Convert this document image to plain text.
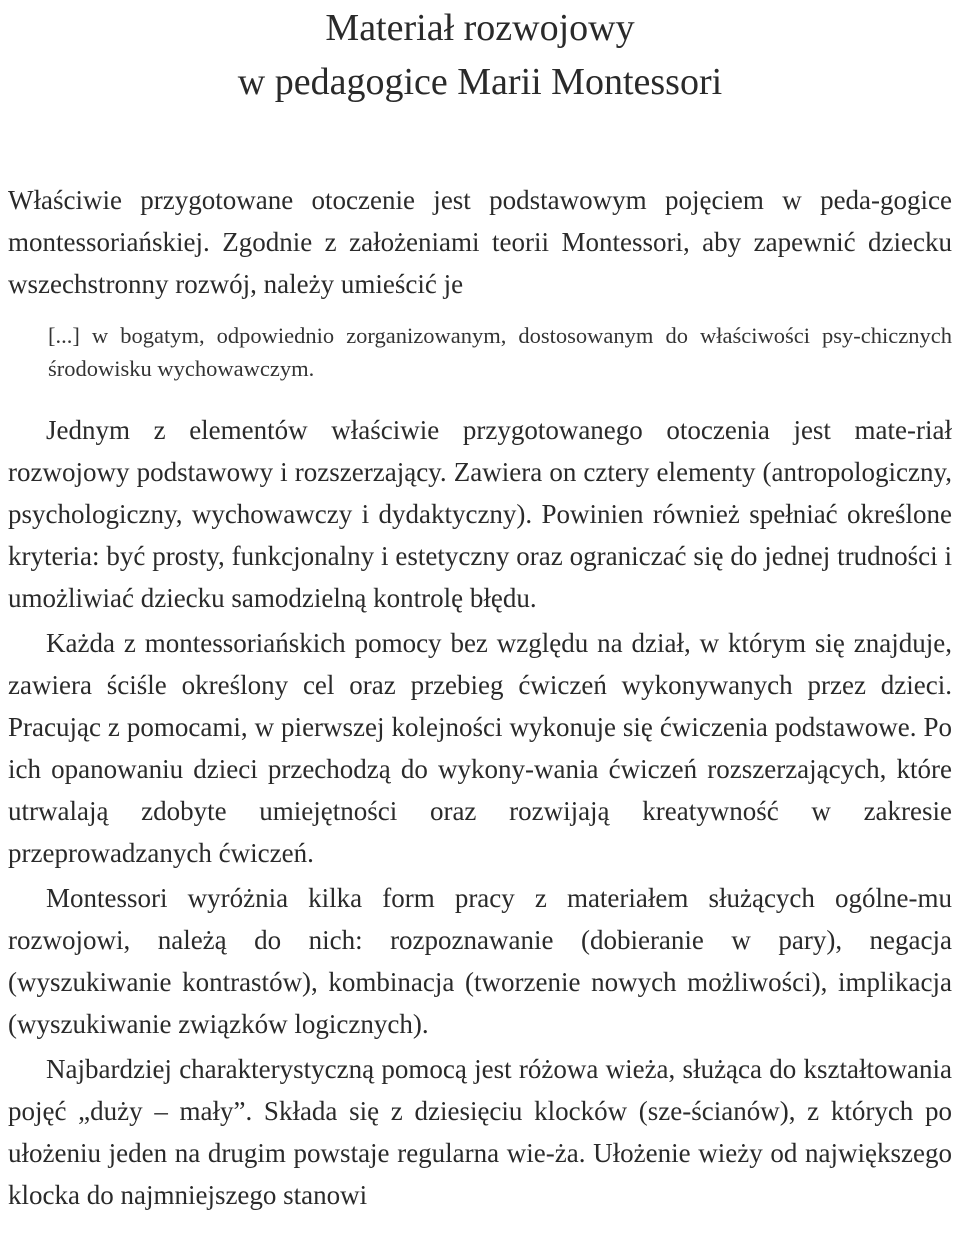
Materiał rozwojowy
w pedagogice Marii Montessori

Właściwie przygotowane otoczenie jest podstawowym pojęciem w peda-gogice montessoriańskiej. Zgodnie z założeniami teorii Montessori, aby zapewnić dziecku wszechstronny rozwój, należy umieścić je

[...] w bogatym, odpowiednio zorganizowanym, dostosowanym do właściwości psy-chicznych środowisku wychowawczym.

Jednym z elementów właściwie przygotowanego otoczenia jest mate-riał rozwojowy podstawowy i rozszerzający. Zawiera on cztery elementy (antropologiczny, psychologiczny, wychowawczy i dydaktyczny). Powinien również spełniać określone kryteria: być prosty, funkcjonalny i estetyczny oraz ograniczać się do jednej trudności i umożliwiać dziecku samodzielną kontrolę błędu.

Każda z montessoriańskich pomocy bez względu na dział, w którym się znajduje, zawiera ściśle określony cel oraz przebieg ćwiczeń wykonywanych przez dzieci. Pracując z pomocami, w pierwszej kolejności wykonuje się ćwiczenia podstawowe. Po ich opanowaniu dzieci przechodzą do wykony-wania ćwiczeń rozszerzających, które utrwalają zdobyte umiejętności oraz rozwijają kreatywność w zakresie przeprowadzanych ćwiczeń.

Montessori wyróżnia kilka form pracy z materiałem służących ogólne-mu rozwojowi, należą do nich: rozpoznawanie (dobieranie w pary), negacja (wyszukiwanie kontrastów), kombinacja (tworzenie nowych możliwości), implikacja (wyszukiwanie związków logicznych).

Najbardziej charakterystyczną pomocą jest różowa wieża, służąca do kształtowania pojęć „duży – mały”. Składa się z dziesięciu klocków (sze-ścianów), z których po ułożeniu jeden na drugim powstaje regularna wie-ża. Ułożenie wieży od największego klocka do najmniejszego stanowi
